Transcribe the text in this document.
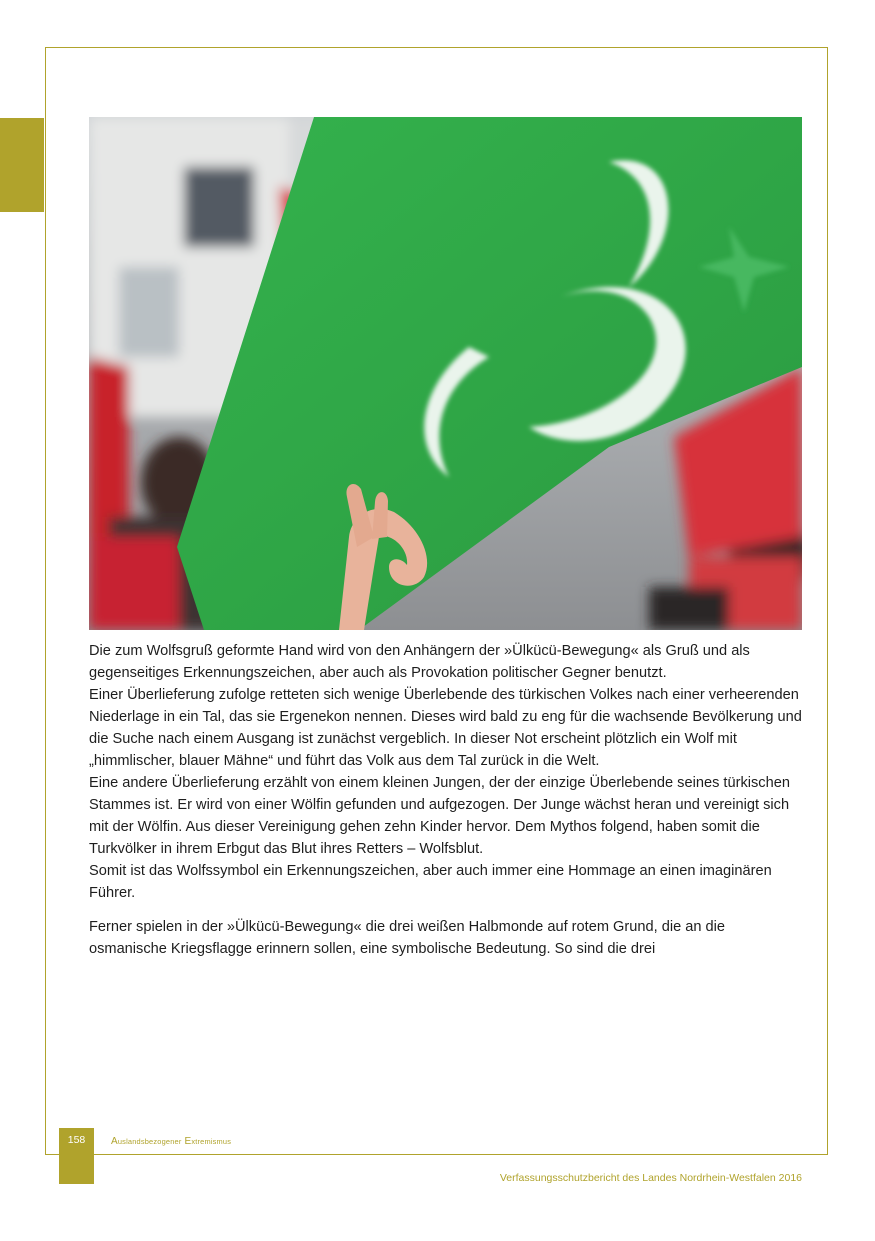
Die zum Wolfsgruß geformte Hand wird von den Anhängern der »Ülkücü-Bewegung« als Gruß und als gegenseitiges Erkennungszeichen, aber auch als Provokation politischer Gegner benutzt.

Einer Überlieferung zufolge retteten sich wenige Überlebende des türkischen Volkes nach einer verheerenden Niederlage in ein Tal, das sie Ergenekon nennen. Dieses wird bald zu eng für die wachsende Bevölkerung und die Suche nach einem Ausgang ist zunächst vergeblich. In dieser Not erscheint plötzlich ein Wolf mit „himmlischer, blauer Mähne“ und führt das Volk aus dem Tal zurück in die Welt.

Eine andere Überlieferung erzählt von einem kleinen Jungen, der der einzige Überlebende seines türkischen Stammes ist. Er wird von einer Wölfin gefunden und aufgezogen. Der Junge wächst heran und vereinigt sich mit der Wölfin. Aus dieser Vereinigung gehen zehn Kinder hervor. Dem Mythos folgend, haben somit die Turkvölker in ihrem Erbgut das Blut ihres Retters – Wolfsblut.

Somit ist das Wolfssymbol ein Erkennungszeichen, aber auch immer eine Hommage an einen imaginären Führer.

Ferner spielen in der »Ülkücü-Bewegung« die drei weißen Halbmonde auf rotem Grund, die an die osmanische Kriegsflagge erinnern sollen, eine symbolische Bedeutung. So sind die drei

158	Auslandsbezogener Extremismus
Verfassungsschutzbericht des Landes Nordrhein-Westfalen 2016
